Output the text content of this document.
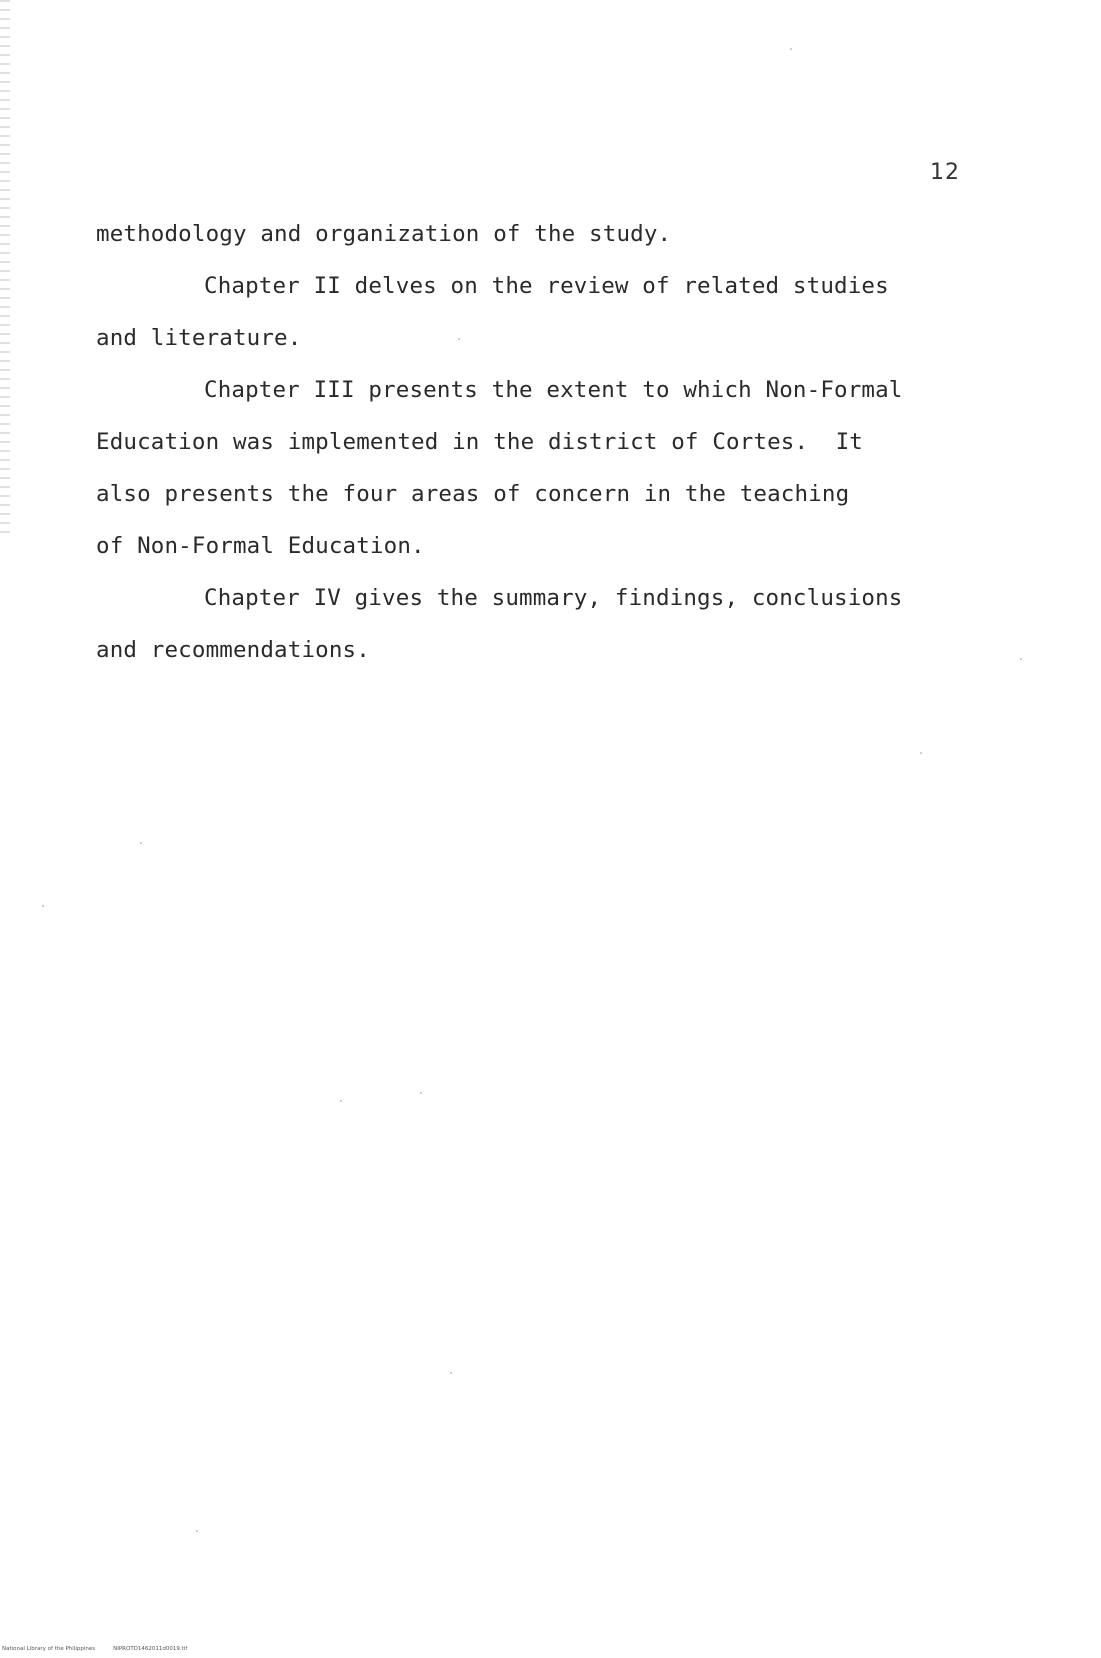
12
methodology and organization of the study.
Chapter II delves on the review of related studies
and literature.
Chapter III presents the extent to which Non-Formal
Education was implemented in the district of Cortes.  It
also presents the four areas of concern in the teaching
of Non-Formal Education.
Chapter IV gives the summary, findings, conclusions
and recommendations.
National Library of the Philippines	NIPROTD1462011d0019.tif
